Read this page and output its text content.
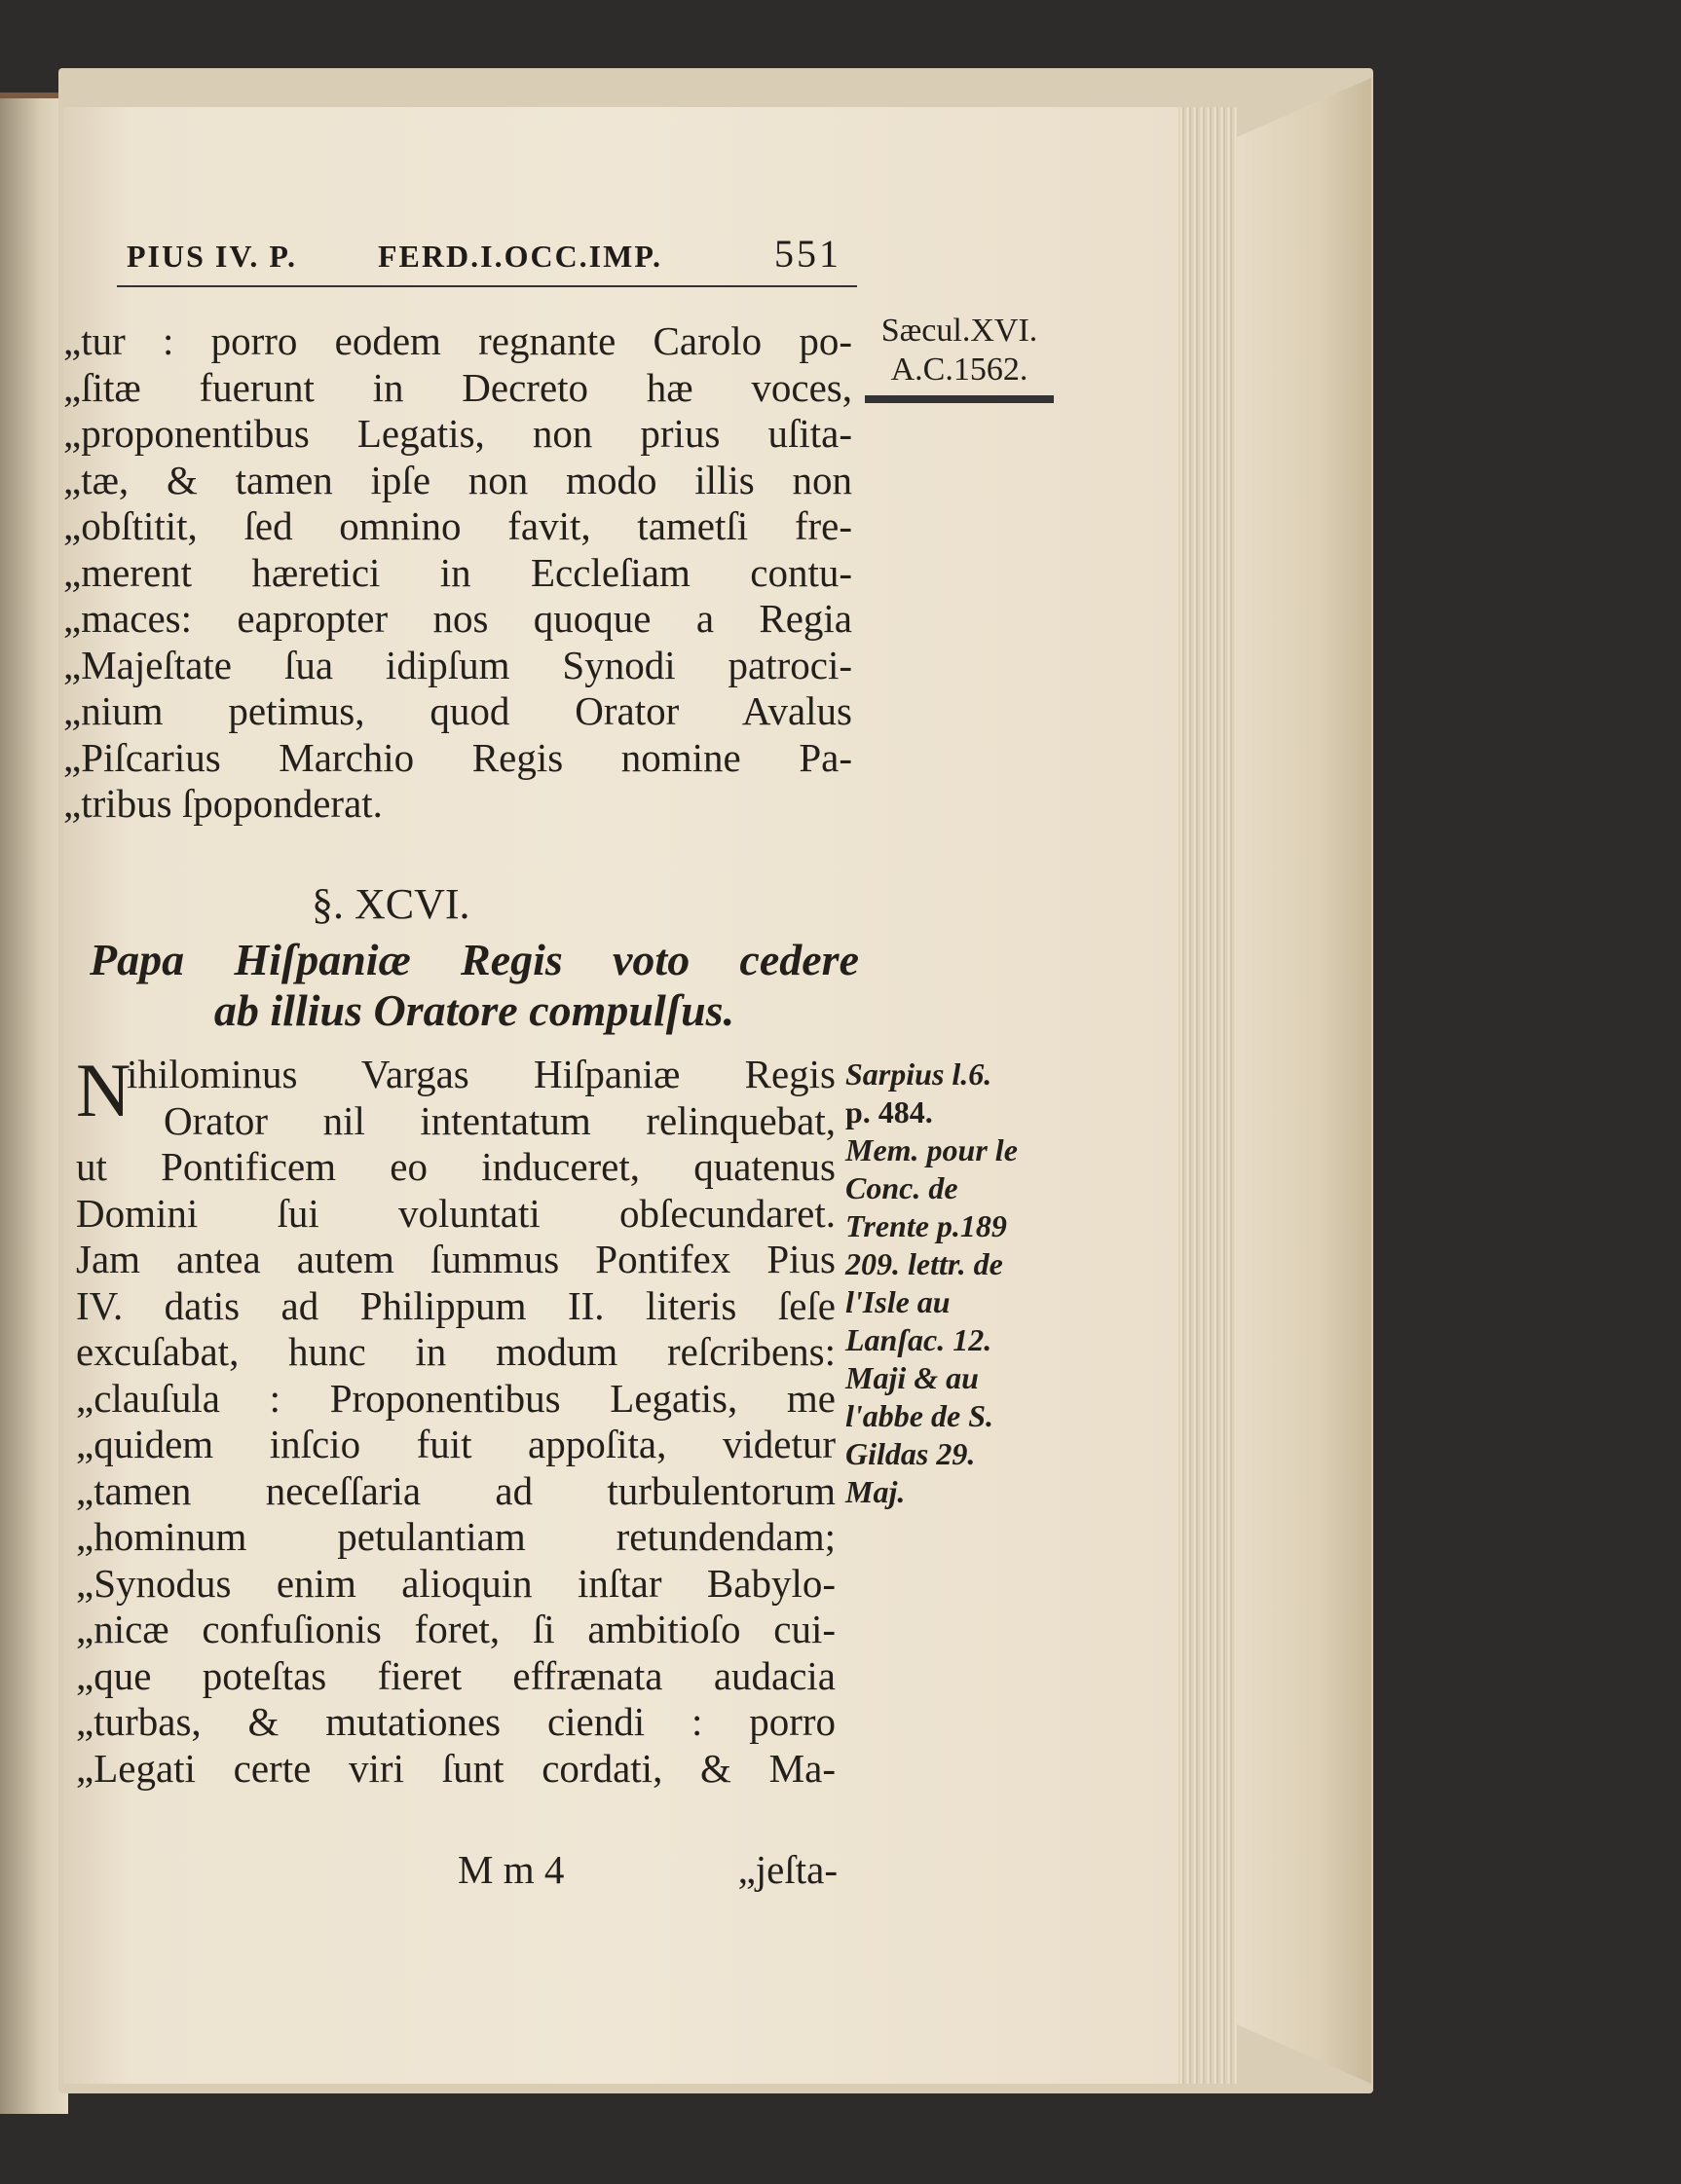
PIUS IV. P.	FERD.I.OCC.IMP.	551
Sæcul.XVI.
A.C.1562.
„tur : porro eodem regnante Carolo po-
„ſitæ fuerunt in Decreto hæ voces,
„proponentibus Legatis, non prius uſita-
„tæ, & tamen ipſe non modo illis non
„obſtitit, ſed omnino favit, tametſi fre-
„merent hæretici in Eccleſiam contu-
„maces: eapropter nos quoque a Regia
„Majeſtate ſua idipſum Synodi patroci-
„nium petimus, quod Orator Avalus
„Piſcarius Marchio Regis nomine Pa-
„tribus ſpoponderat.
§. XCVI.
Papa Hiſpaniæ Regis voto cedere
ab illius Oratore compulſus.
N
ihilominus Vargas Hiſpaniæ Regis
Orator nil intentatum relinquebat,
ut Pontificem eo induceret, quatenus
Domini ſui voluntati obſecundaret.
Jam antea autem ſummus Pontifex Pius
IV. datis ad Philippum II. literis ſeſe
excuſabat, hunc in modum reſcribens:
„clauſula : Proponentibus Legatis, me
„quidem inſcio fuit appoſita, videtur
„tamen neceſſaria ad turbulentorum
„hominum petulantiam retundendam;
„Synodus enim alioquin inſtar Babylo-
„nicæ confuſionis foret, ſi ambitioſo cui-
„que poteſtas fieret effrænata audacia
„turbas, & mutationes ciendi : porro
„Legati certe viri ſunt cordati, & Ma-
Sarpius l.6.
p. 484.
Mem. pour le
Conc. de
Trente p.189
209. lettr. de
l'Isle au
Lanſac. 12.
Maji & au
l'abbe de S.
Gildas 29.
Maj.
M m 4	„jeſta-
